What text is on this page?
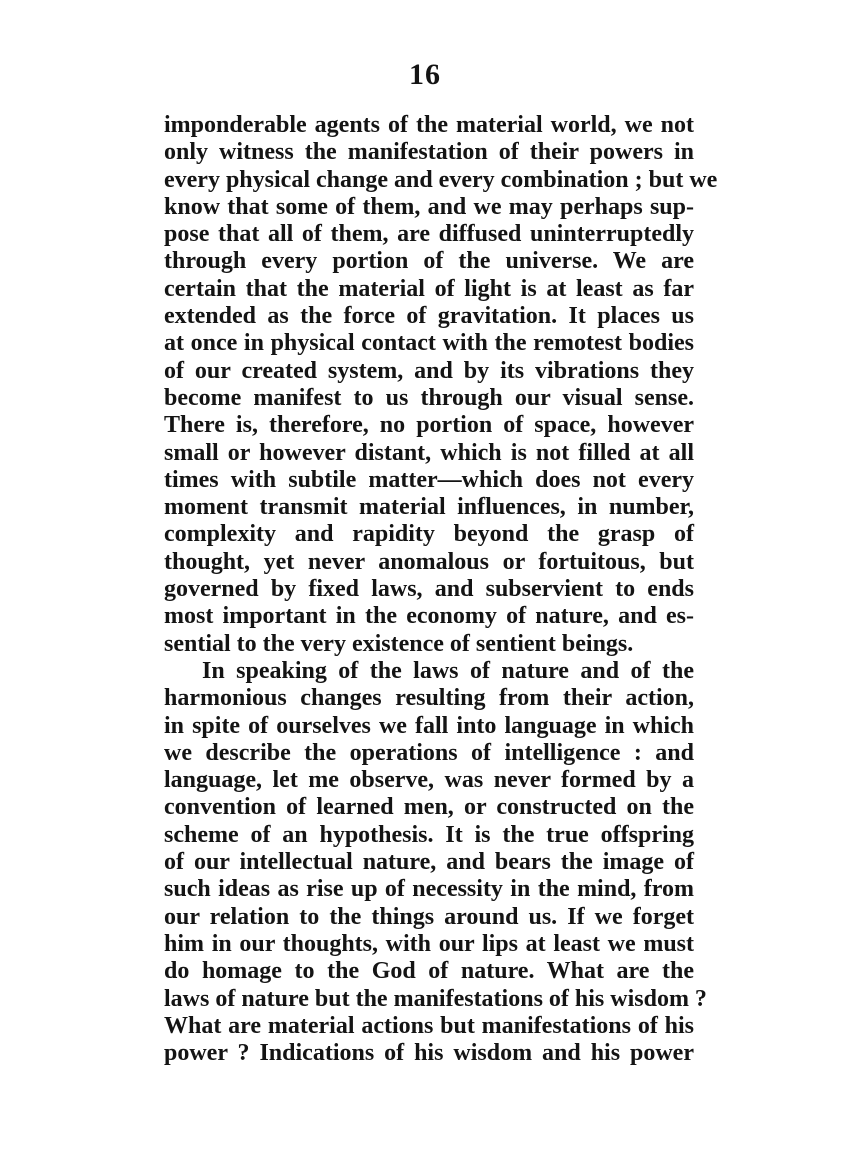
16
imponderable agents of the material world, we not
only witness the manifestation of their powers in
every physical change and every combination ; but we
know that some of them, and we may perhaps sup-
pose that all of them, are diffused uninterruptedly
through every portion of the universe. We are
certain that the material of light is at least as far
extended as the force of gravitation. It places us
at once in physical contact with the remotest bodies
of our created system, and by its vibrations they
become manifest to us through our visual sense.
There is, therefore, no portion of space, however
small or however distant, which is not filled at all
times with subtile matter—which does not every
moment transmit material influences, in number,
complexity and rapidity beyond the grasp of
thought, yet never anomalous or fortuitous, but
governed by fixed laws, and subservient to ends
most important in the economy of nature, and es-
sential to the very existence of sentient beings.
In speaking of the laws of nature and of the
harmonious changes resulting from their action,
in spite of ourselves we fall into language in which
we describe the operations of intelligence : and
language, let me observe, was never formed by a
convention of learned men, or constructed on the
scheme of an hypothesis. It is the true offspring
of our intellectual nature, and bears the image of
such ideas as rise up of necessity in the mind, from
our relation to the things around us. If we forget
him in our thoughts, with our lips at least we must
do homage to the God of nature. What are the
laws of nature but the manifestations of his wisdom ?
What are material actions but manifestations of his
power ? Indications of his wisdom and his power
